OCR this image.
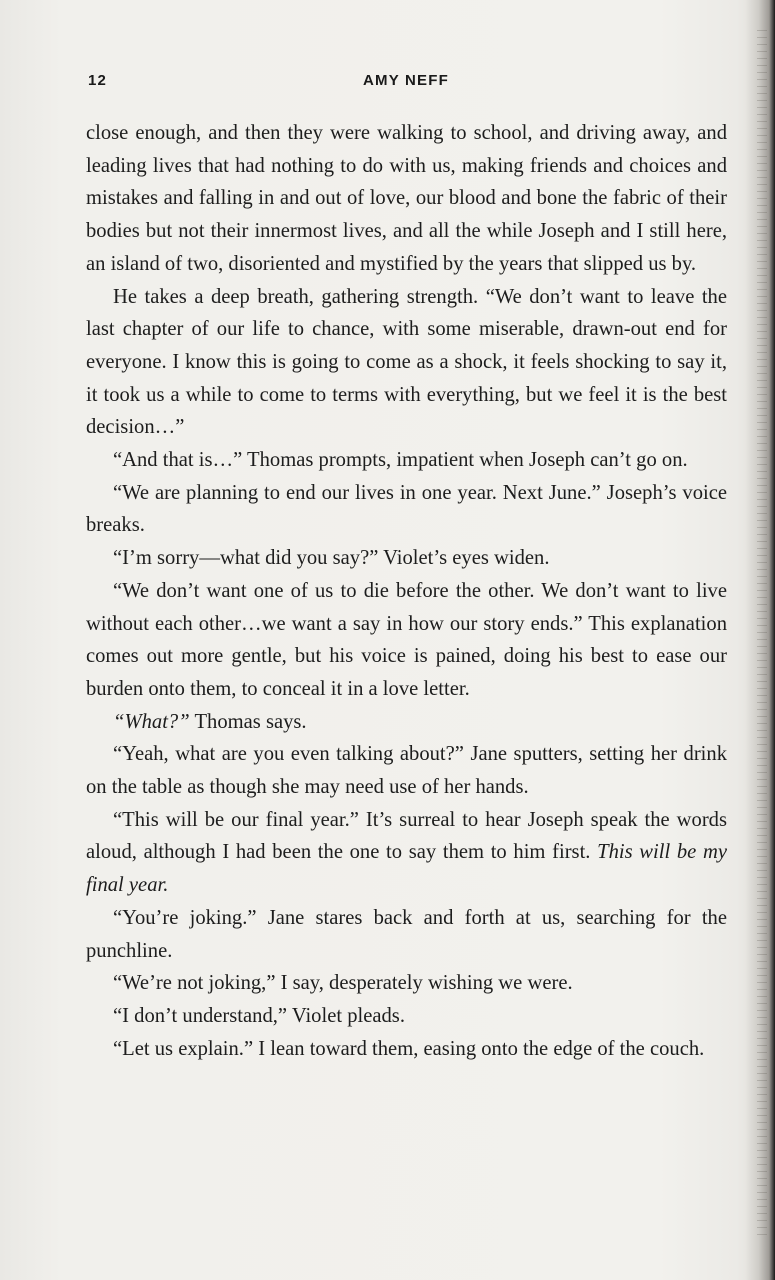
12	AMY NEFF

close enough, and then they were walking to school, and driving away, and leading lives that had nothing to do with us, making friends and choices and mistakes and falling in and out of love, our blood and bone the fabric of their bodies but not their innermost lives, and all the while Joseph and I still here, an island of two, disoriented and mystified by the years that slipped us by.

He takes a deep breath, gathering strength. “We don’t want to leave the last chapter of our life to chance, with some miserable, drawn-out end for everyone. I know this is going to come as a shock, it feels shocking to say it, it took us a while to come to terms with everything, but we feel it is the best decision…”

“And that is…” Thomas prompts, impatient when Joseph can’t go on.

“We are planning to end our lives in one year. Next June.” Joseph’s voice breaks.

“I’m sorry—what did you say?” Violet’s eyes widen.

“We don’t want one of us to die before the other. We don’t want to live without each other…we want a say in how our story ends.” This explanation comes out more gentle, but his voice is pained, doing his best to ease our burden onto them, to conceal it in a love letter.

“What?” Thomas says.

“Yeah, what are you even talking about?” Jane sputters, setting her drink on the table as though she may need use of her hands.

“This will be our final year.” It’s surreal to hear Joseph speak the words aloud, although I had been the one to say them to him first. This will be my final year.

“You’re joking.” Jane stares back and forth at us, searching for the punchline.

“We’re not joking,” I say, desperately wishing we were.

“I don’t understand,” Violet pleads.

“Let us explain.” I lean toward them, easing onto the edge of the couch.
